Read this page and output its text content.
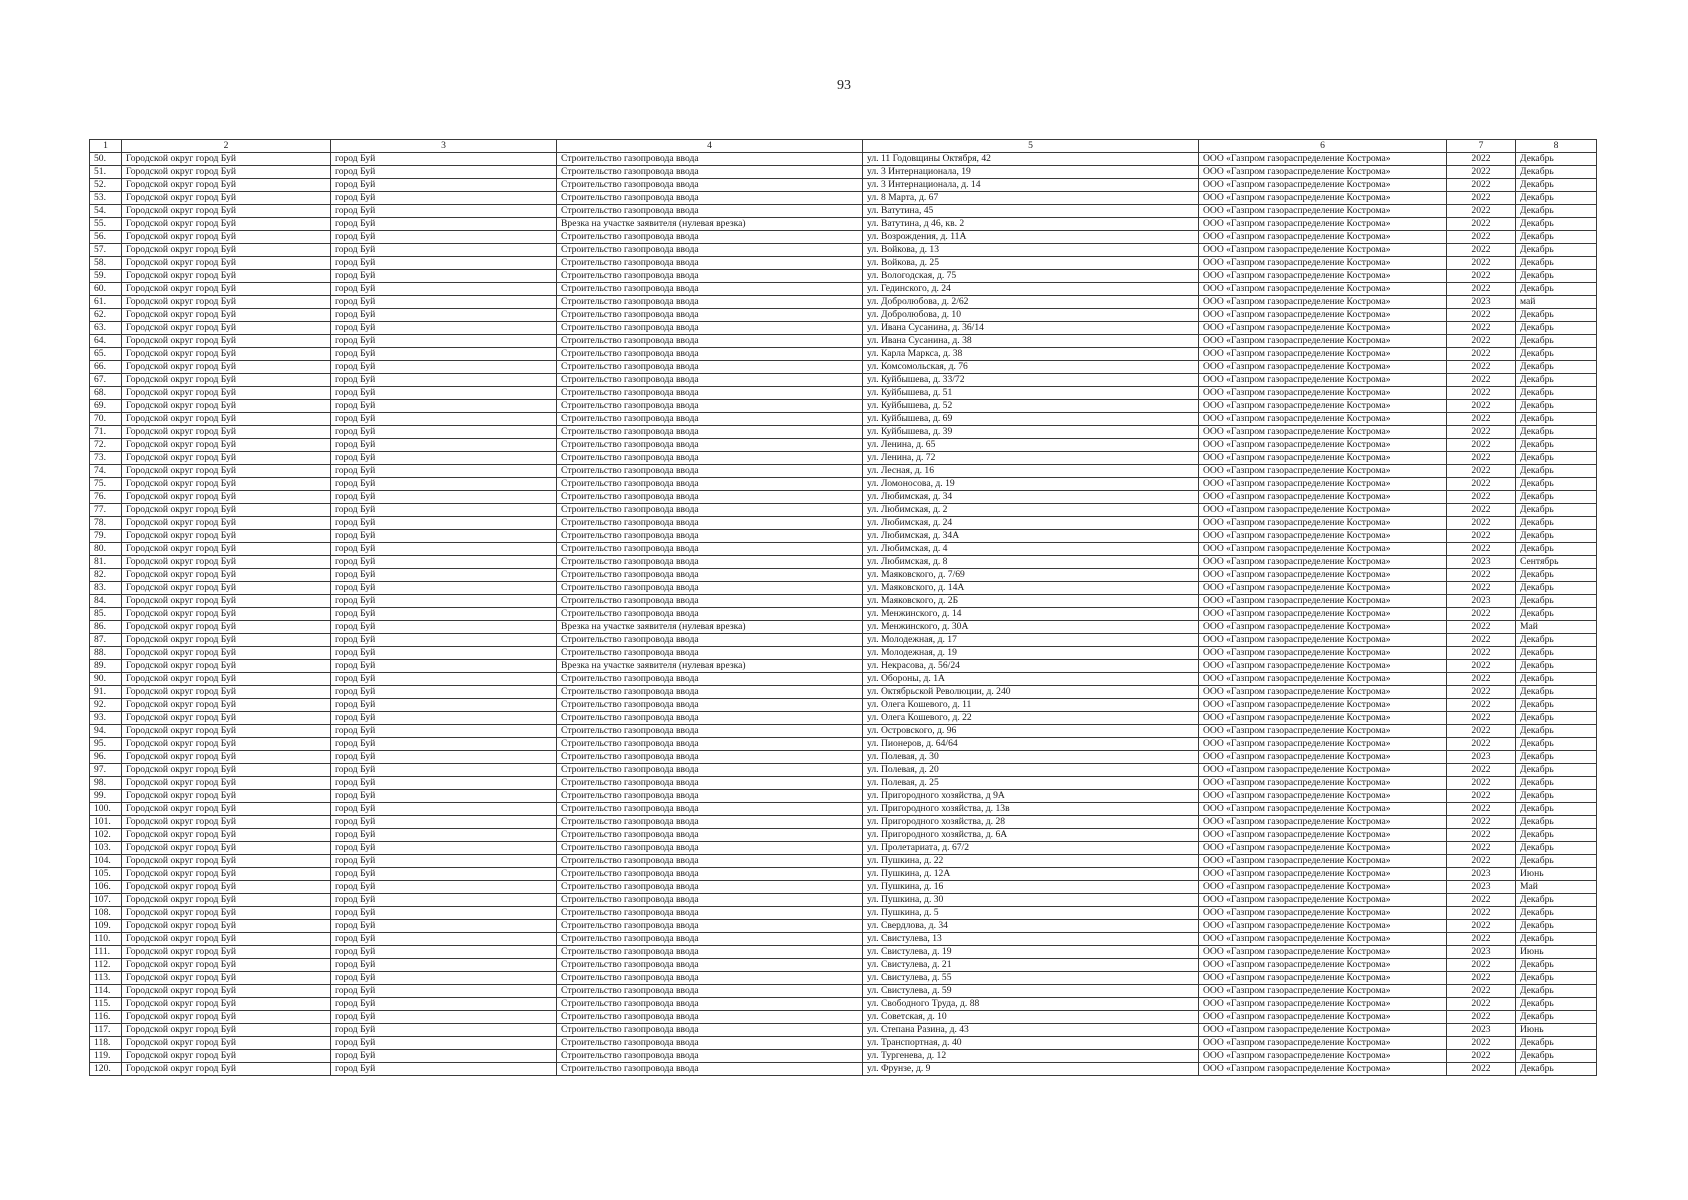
93
1	2	3	4	5	6	7	8
50.	Городской округ город Буй	город Буй	Строительство газопровода ввода	ул. 11 Годовщины Октября, 42	ООО «Газпром газораспределение Кострома»	2022	Декабрь
51.	Городской округ город Буй	город Буй	Строительство газопровода ввода	ул. 3 Интернационала, 19	ООО «Газпром газораспределение Кострома»	2022	Декабрь
52.	Городской округ город Буй	город Буй	Строительство газопровода ввода	ул. 3 Интернационала, д. 14	ООО «Газпром газораспределение Кострома»	2022	Декабрь
53.	Городской округ город Буй	город Буй	Строительство газопровода ввода	ул. 8 Марта, д. 67	ООО «Газпром газораспределение Кострома»	2022	Декабрь
54.	Городской округ город Буй	город Буй	Строительство газопровода ввода	ул. Ватутина, 45	ООО «Газпром газораспределение Кострома»	2022	Декабрь
55.	Городской округ город Буй	город Буй	Врезка на участке заявителя (нулевая врезка)	ул. Ватутина, д 46, кв. 2	ООО «Газпром газораспределение Кострома»	2022	Декабрь
56.	Городской округ город Буй	город Буй	Строительство газопровода ввода	ул. Возрождения, д. 11А	ООО «Газпром газораспределение Кострома»	2022	Декабрь
57.	Городской округ город Буй	город Буй	Строительство газопровода ввода	ул. Войкова, д. 13	ООО «Газпром газораспределение Кострома»	2022	Декабрь
58.	Городской округ город Буй	город Буй	Строительство газопровода ввода	ул. Войкова, д. 25	ООО «Газпром газораспределение Кострома»	2022	Декабрь
59.	Городской округ город Буй	город Буй	Строительство газопровода ввода	ул. Вологодская, д. 75	ООО «Газпром газораспределение Кострома»	2022	Декабрь
60.	Городской округ город Буй	город Буй	Строительство газопровода ввода	ул. Гединского, д. 24	ООО «Газпром газораспределение Кострома»	2022	Декабрь
61.	Городской округ город Буй	город Буй	Строительство газопровода ввода	ул. Добролюбова, д. 2/62	ООО «Газпром газораспределение Кострома»	2023	май
62.	Городской округ город Буй	город Буй	Строительство газопровода ввода	ул. Добролюбова, д. 10	ООО «Газпром газораспределение Кострома»	2022	Декабрь
63.	Городской округ город Буй	город Буй	Строительство газопровода ввода	ул. Ивана Сусанина, д. 36/14	ООО «Газпром газораспределение Кострома»	2022	Декабрь
64.	Городской округ город Буй	город Буй	Строительство газопровода ввода	ул. Ивана Сусанина, д. 38	ООО «Газпром газораспределение Кострома»	2022	Декабрь
65.	Городской округ город Буй	город Буй	Строительство газопровода ввода	ул. Карла Маркса, д. 38	ООО «Газпром газораспределение Кострома»	2022	Декабрь
66.	Городской округ город Буй	город Буй	Строительство газопровода ввода	ул. Комсомольская, д. 76	ООО «Газпром газораспределение Кострома»	2022	Декабрь
67.	Городской округ город Буй	город Буй	Строительство газопровода ввода	ул. Куйбышева, д. 33/72	ООО «Газпром газораспределение Кострома»	2022	Декабрь
68.	Городской округ город Буй	город Буй	Строительство газопровода ввода	ул. Куйбышева, д. 51	ООО «Газпром газораспределение Кострома»	2022	Декабрь
69.	Городской округ город Буй	город Буй	Строительство газопровода ввода	ул. Куйбышева, д. 52	ООО «Газпром газораспределение Кострома»	2022	Декабрь
70.	Городской округ город Буй	город Буй	Строительство газопровода ввода	ул. Куйбышева, д. 69	ООО «Газпром газораспределение Кострома»	2022	Декабрь
71.	Городской округ город Буй	город Буй	Строительство газопровода ввода	ул. Куйбышева, д. 39	ООО «Газпром газораспределение Кострома»	2022	Декабрь
72.	Городской округ город Буй	город Буй	Строительство газопровода ввода	ул. Ленина, д. 65	ООО «Газпром газораспределение Кострома»	2022	Декабрь
73.	Городской округ город Буй	город Буй	Строительство газопровода ввода	ул. Ленина, д. 72	ООО «Газпром газораспределение Кострома»	2022	Декабрь
74.	Городской округ город Буй	город Буй	Строительство газопровода ввода	ул. Лесная, д. 16	ООО «Газпром газораспределение Кострома»	2022	Декабрь
75.	Городской округ город Буй	город Буй	Строительство газопровода ввода	ул. Ломоносова, д. 19	ООО «Газпром газораспределение Кострома»	2022	Декабрь
76.	Городской округ город Буй	город Буй	Строительство газопровода ввода	ул. Любимская, д. 34	ООО «Газпром газораспределение Кострома»	2022	Декабрь
77.	Городской округ город Буй	город Буй	Строительство газопровода ввода	ул. Любимская, д. 2	ООО «Газпром газораспределение Кострома»	2022	Декабрь
78.	Городской округ город Буй	город Буй	Строительство газопровода ввода	ул. Любимская, д. 24	ООО «Газпром газораспределение Кострома»	2022	Декабрь
79.	Городской округ город Буй	город Буй	Строительство газопровода ввода	ул. Любимская, д. 34А	ООО «Газпром газораспределение Кострома»	2022	Декабрь
80.	Городской округ город Буй	город Буй	Строительство газопровода ввода	ул. Любимская, д. 4	ООО «Газпром газораспределение Кострома»	2022	Декабрь
81.	Городской округ город Буй	город Буй	Строительство газопровода ввода	ул. Любимская, д. 8	ООО «Газпром газораспределение Кострома»	2023	Сентябрь
82.	Городской округ город Буй	город Буй	Строительство газопровода ввода	ул. Маяковского, д. 7/69	ООО «Газпром газораспределение Кострома»	2022	Декабрь
83.	Городской округ город Буй	город Буй	Строительство газопровода ввода	ул. Маяковского, д. 14А	ООО «Газпром газораспределение Кострома»	2022	Декабрь
84.	Городской округ город Буй	город Буй	Строительство газопровода ввода	ул. Маяковского, д. 2Б	ООО «Газпром газораспределение Кострома»	2023	Декабрь
85.	Городской округ город Буй	город Буй	Строительство газопровода ввода	ул. Менжинского, д. 14	ООО «Газпром газораспределение Кострома»	2022	Декабрь
86.	Городской округ город Буй	город Буй	Врезка на участке заявителя (нулевая врезка)	ул. Менжинского, д. 30А	ООО «Газпром газораспределение Кострома»	2022	Май
87.	Городской округ город Буй	город Буй	Строительство газопровода ввода	ул. Молодежная, д. 17	ООО «Газпром газораспределение Кострома»	2022	Декабрь
88.	Городской округ город Буй	город Буй	Строительство газопровода ввода	ул. Молодежная, д. 19	ООО «Газпром газораспределение Кострома»	2022	Декабрь
89.	Городской округ город Буй	город Буй	Врезка на участке заявителя (нулевая врезка)	ул. Некрасова, д. 56/24	ООО «Газпром газораспределение Кострома»	2022	Декабрь
90.	Городской округ город Буй	город Буй	Строительство газопровода ввода	ул. Обороны, д. 1А	ООО «Газпром газораспределение Кострома»	2022	Декабрь
91.	Городской округ город Буй	город Буй	Строительство газопровода ввода	ул. Октябрьской Революции, д. 240	ООО «Газпром газораспределение Кострома»	2022	Декабрь
92.	Городской округ город Буй	город Буй	Строительство газопровода ввода	ул. Олега Кошевого, д. 11	ООО «Газпром газораспределение Кострома»	2022	Декабрь
93.	Городской округ город Буй	город Буй	Строительство газопровода ввода	ул. Олега Кошевого, д. 22	ООО «Газпром газораспределение Кострома»	2022	Декабрь
94.	Городской округ город Буй	город Буй	Строительство газопровода ввода	ул. Островского, д. 96	ООО «Газпром газораспределение Кострома»	2022	Декабрь
95.	Городской округ город Буй	город Буй	Строительство газопровода ввода	ул. Пионеров, д. 64/64	ООО «Газпром газораспределение Кострома»	2022	Декабрь
96.	Городской округ город Буй	город Буй	Строительство газопровода ввода	ул. Полевая, д. 30	ООО «Газпром газораспределение Кострома»	2023	Декабрь
97.	Городской округ город Буй	город Буй	Строительство газопровода ввода	ул. Полевая, д. 20	ООО «Газпром газораспределение Кострома»	2022	Декабрь
98.	Городской округ город Буй	город Буй	Строительство газопровода ввода	ул. Полевая, д. 25	ООО «Газпром газораспределение Кострома»	2022	Декабрь
99.	Городской округ город Буй	город Буй	Строительство газопровода ввода	ул. Пригородного хозяйства, д 9А	ООО «Газпром газораспределение Кострома»	2022	Декабрь
100.	Городской округ город Буй	город Буй	Строительство газопровода ввода	ул. Пригородного хозяйства, д. 13в	ООО «Газпром газораспределение Кострома»	2022	Декабрь
101.	Городской округ город Буй	город Буй	Строительство газопровода ввода	ул. Пригородного хозяйства, д. 28	ООО «Газпром газораспределение Кострома»	2022	Декабрь
102.	Городской округ город Буй	город Буй	Строительство газопровода ввода	ул. Пригородного хозяйства, д. 6А	ООО «Газпром газораспределение Кострома»	2022	Декабрь
103.	Городской округ город Буй	город Буй	Строительство газопровода ввода	ул. Пролетариата, д. 67/2	ООО «Газпром газораспределение Кострома»	2022	Декабрь
104.	Городской округ город Буй	город Буй	Строительство газопровода ввода	ул. Пушкина, д. 22	ООО «Газпром газораспределение Кострома»	2022	Декабрь
105.	Городской округ город Буй	город Буй	Строительство газопровода ввода	ул. Пушкина, д. 12А	ООО «Газпром газораспределение Кострома»	2023	Июнь
106.	Городской округ город Буй	город Буй	Строительство газопровода ввода	ул. Пушкина, д. 16	ООО «Газпром газораспределение Кострома»	2023	Май
107.	Городской округ город Буй	город Буй	Строительство газопровода ввода	ул. Пушкина, д. 30	ООО «Газпром газораспределение Кострома»	2022	Декабрь
108.	Городской округ город Буй	город Буй	Строительство газопровода ввода	ул. Пушкина, д. 5	ООО «Газпром газораспределение Кострома»	2022	Декабрь
109.	Городской округ город Буй	город Буй	Строительство газопровода ввода	ул. Свердлова, д. 34	ООО «Газпром газораспределение Кострома»	2022	Декабрь
110.	Городской округ город Буй	город Буй	Строительство газопровода ввода	ул. Свистулева, 13	ООО «Газпром газораспределение Кострома»	2022	Декабрь
111.	Городской округ город Буй	город Буй	Строительство газопровода ввода	ул. Свистулева, д. 19	ООО «Газпром газораспределение Кострома»	2023	Июнь
112.	Городской округ город Буй	город Буй	Строительство газопровода ввода	ул. Свистулева, д. 21	ООО «Газпром газораспределение Кострома»	2022	Декабрь
113.	Городской округ город Буй	город Буй	Строительство газопровода ввода	ул. Свистулева, д. 55	ООО «Газпром газораспределение Кострома»	2022	Декабрь
114.	Городской округ город Буй	город Буй	Строительство газопровода ввода	ул. Свистулева, д. 59	ООО «Газпром газораспределение Кострома»	2022	Декабрь
115.	Городской округ город Буй	город Буй	Строительство газопровода ввода	ул. Свободного Труда, д. 88	ООО «Газпром газораспределение Кострома»	2022	Декабрь
116.	Городской округ город Буй	город Буй	Строительство газопровода ввода	ул. Советская, д. 10	ООО «Газпром газораспределение Кострома»	2022	Декабрь
117.	Городской округ город Буй	город Буй	Строительство газопровода ввода	ул. Степана Разина, д. 43	ООО «Газпром газораспределение Кострома»	2023	Июнь
118.	Городской округ город Буй	город Буй	Строительство газопровода ввода	ул. Транспортная, д. 40	ООО «Газпром газораспределение Кострома»	2022	Декабрь
119.	Городской округ город Буй	город Буй	Строительство газопровода ввода	ул. Тургенева, д. 12	ООО «Газпром газораспределение Кострома»	2022	Декабрь
120.	Городской округ город Буй	город Буй	Строительство газопровода ввода	ул. Фрунзе, д. 9	ООО «Газпром газораспределение Кострома»	2022	Декабрь
